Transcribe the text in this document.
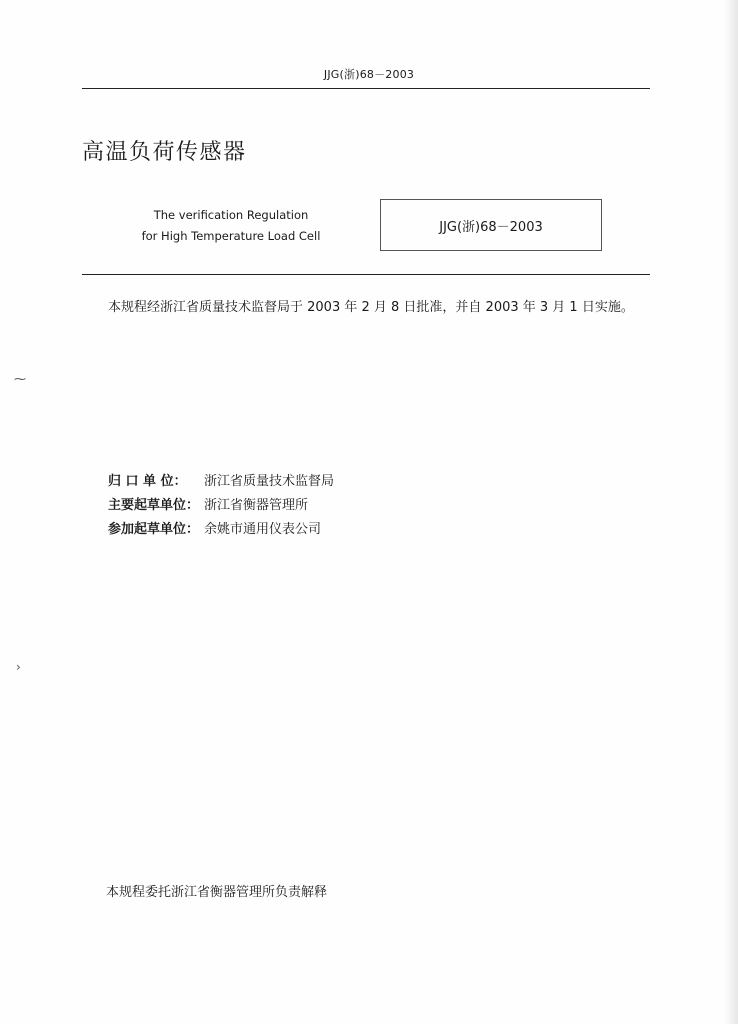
JJG(浙)68－2003
高温负荷传感器
The verification Regulation
for High Temperature Load Cell
JJG(浙)68－2003

本规程经浙江省质量技术监督局于 2003 年 2 月 8 日批准，并自 2003 年 3 月 1 日实施。

归 口 单 位： 浙江省质量技术监督局
主要起草单位： 浙江省衡器管理所
参加起草单位： 余姚市通用仪表公司
本规程委托浙江省衡器管理所负责解释
⁓
›
